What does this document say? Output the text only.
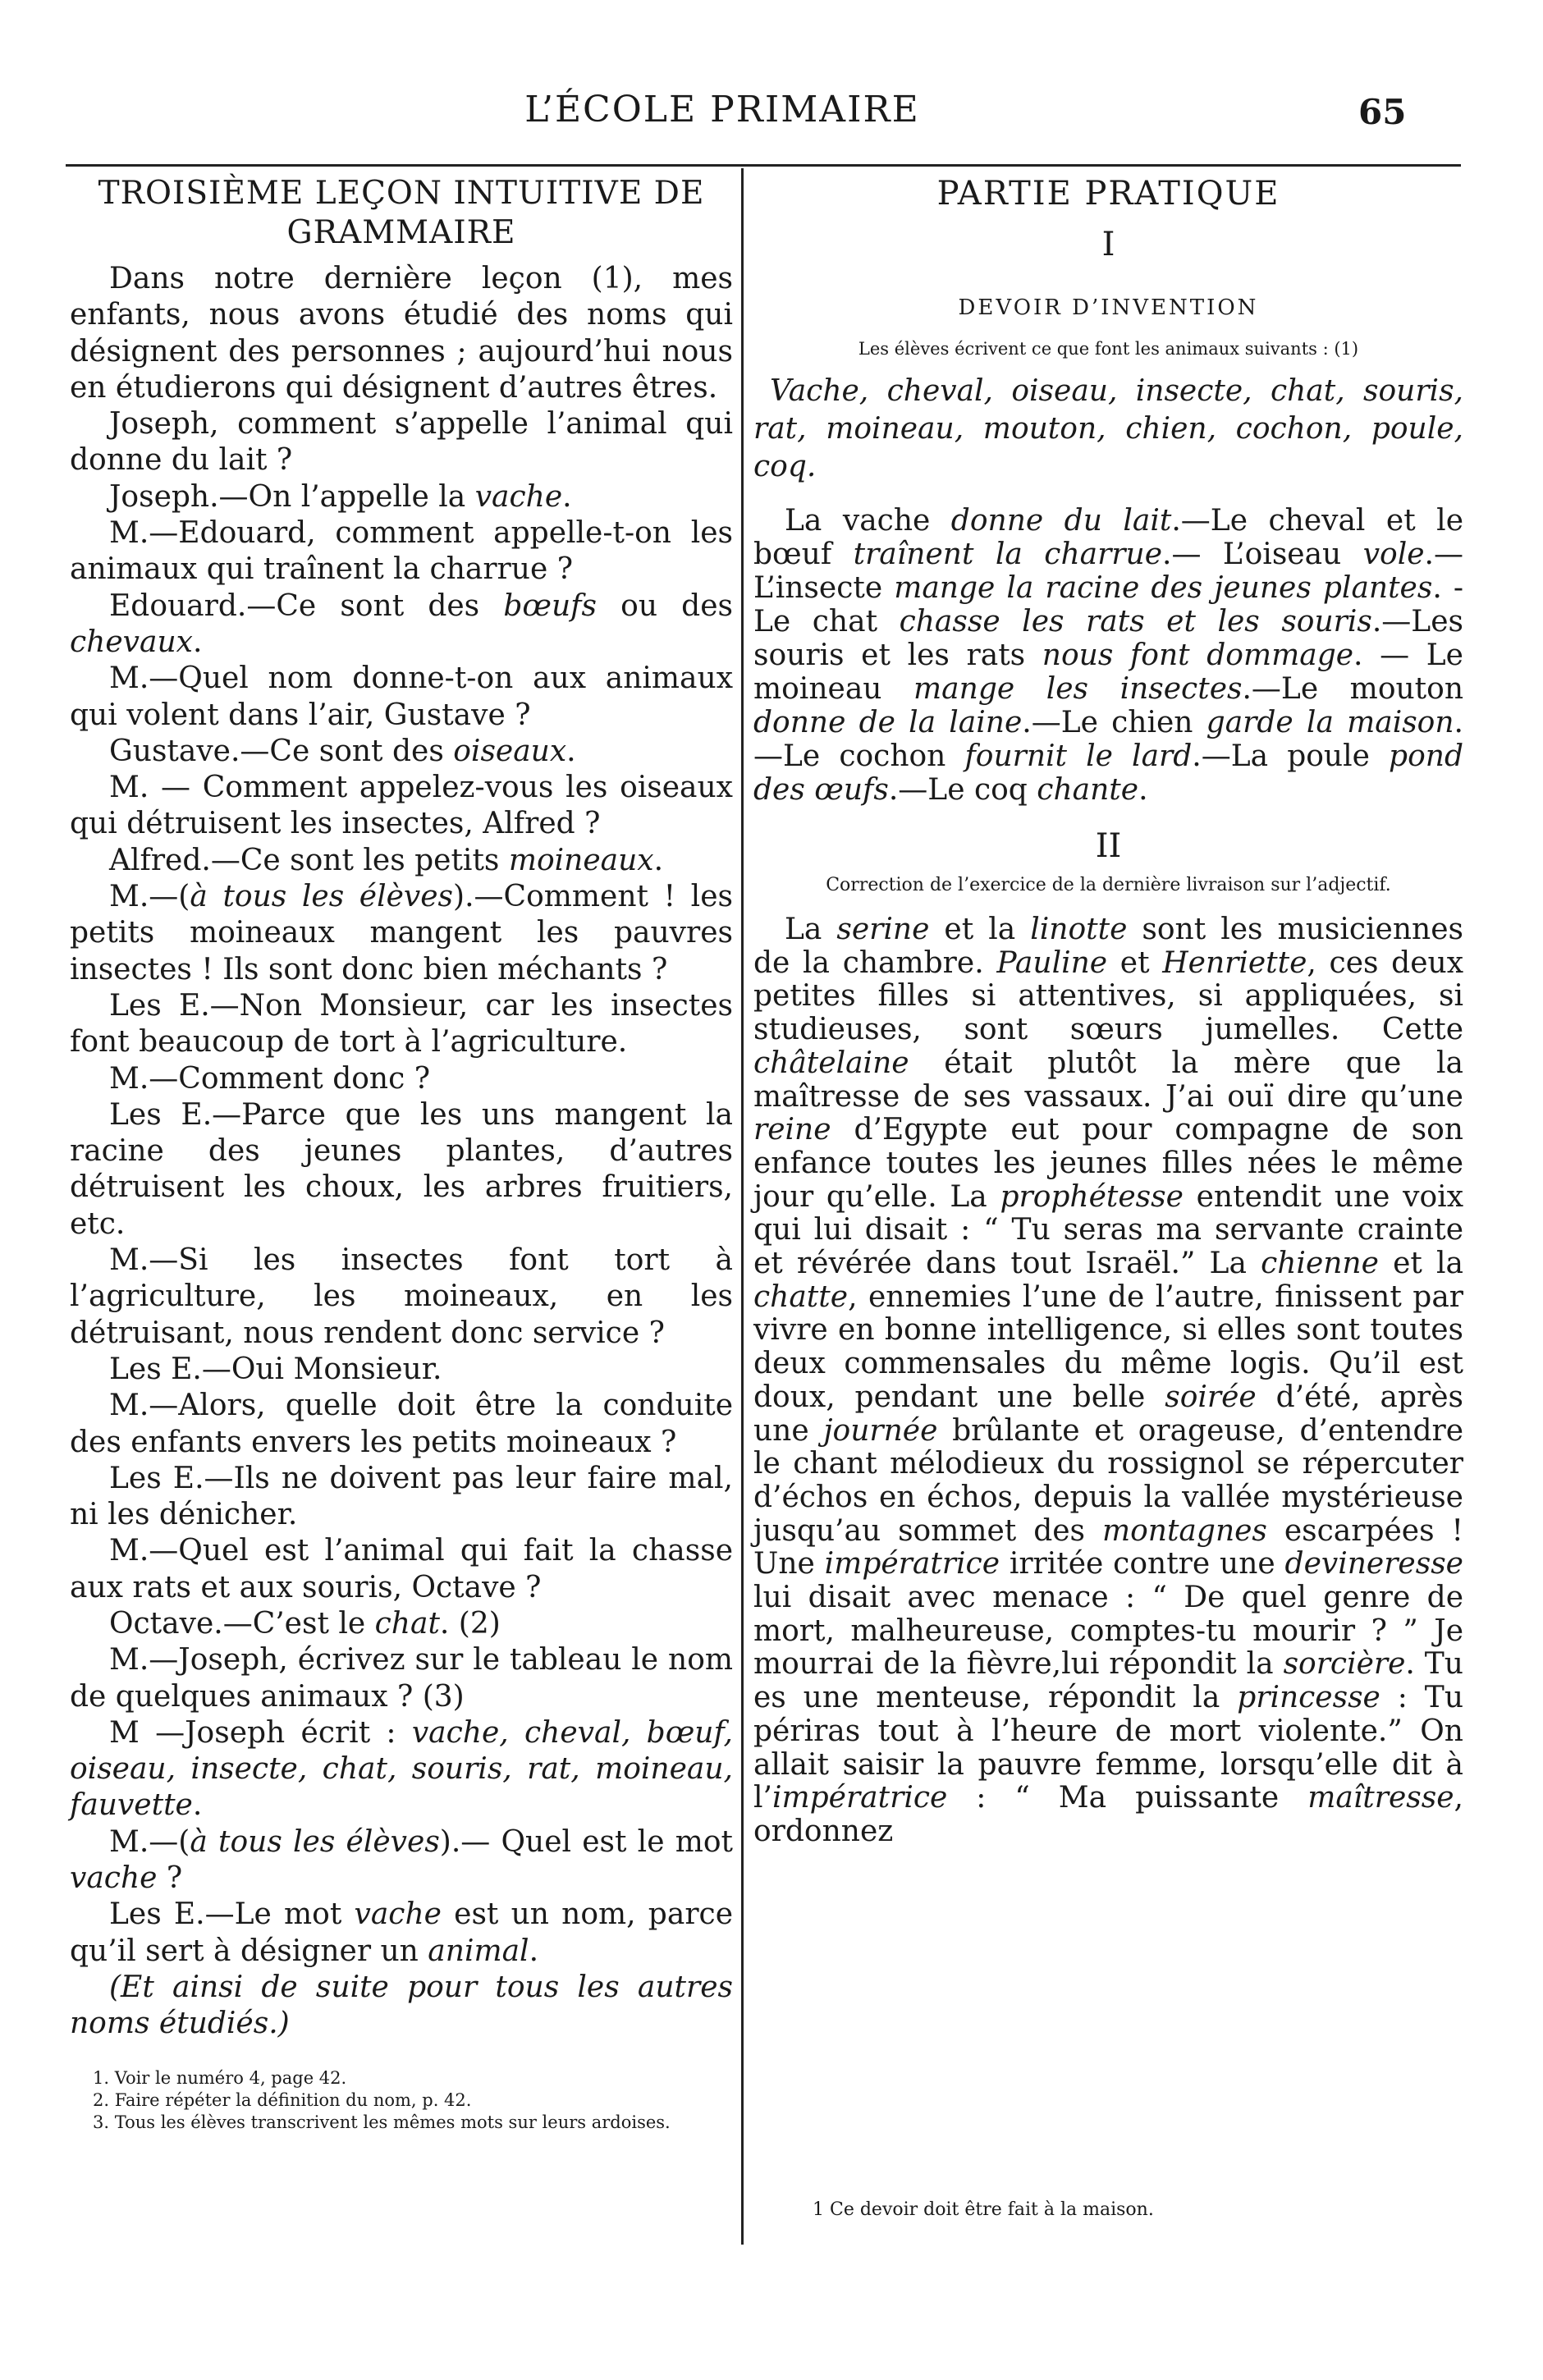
L’ÉCOLE PRIMAIRE	65
TROISIÈME LEÇON INTUITIVE DE
GRAMMAIRE

Dans notre dernière leçon (1), mes enfants, nous avons étudié des noms qui désignent des personnes ; aujourd’hui nous en étudierons qui désignent d’autres êtres.

Joseph, comment s’appelle l’animal qui donne du lait ?

Joseph.—On l’appelle la vache.

M.—Edouard, comment appelle-t-on les animaux qui traînent la charrue ?

Edouard.—Ce sont des bœufs ou des chevaux.

M.—Quel nom donne-t-on aux animaux qui volent dans l’air, Gustave ?

Gustave.—Ce sont des oiseaux.

M. — Comment appelez-vous les oiseaux qui détruisent les insectes, Alfred ?

Alfred.—Ce sont les petits moineaux.

M.—(à tous les élèves).—Comment ! les petits moineaux mangent les pauvres insectes ! Ils sont donc bien méchants ?

Les E.—Non Monsieur, car les insectes font beaucoup de tort à l’agriculture.

M.—Comment donc ?

Les E.—Parce que les uns mangent la racine des jeunes plantes, d’autres détruisent les choux, les arbres fruitiers, etc.

M.—Si les insectes font tort à l’agriculture, les moineaux, en les détruisant, nous rendent donc service ?

Les E.—Oui Monsieur.

M.—Alors, quelle doit être la conduite des enfants envers les petits moineaux ?

Les E.—Ils ne doivent pas leur faire mal, ni les dénicher.

M.—Quel est l’animal qui fait la chasse aux rats et aux souris, Octave ?

Octave.—C’est le chat. (2)

M.—Joseph, écrivez sur le tableau le nom de quelques animaux ? (3)

M —Joseph écrit : vache, cheval, bœuf, oiseau, insecte, chat, souris, rat, moineau, fauvette.

M.—(à tous les élèves).— Quel est le mot vache ?

Les E.—Le mot vache est un nom, parce qu’il sert à désigner un animal.

(Et ainsi de suite pour tous les autres noms étudiés.)

1. Voir le numéro 4, page 42.

2. Faire répéter la définition du nom, p. 42.

3. Tous les élèves transcrivent les mêmes mots sur leurs ardoises.

PARTIE PRATIQUE

I

DEVOIR D’INVENTION

Les élèves écrivent ce que font les animaux suivants : (1)

Vache, cheval, oiseau, insecte, chat, souris, rat, moineau, mouton, chien, cochon, poule, coq.

La vache donne du lait.—Le cheval et le bœuf traînent la charrue.— L’oiseau vole.—L’insecte mange la racine des jeunes plantes. - Le chat chasse les rats et les souris.—Les souris et les rats nous font dommage. — Le moineau mange les insectes.—Le mouton donne de la laine.—Le chien garde la maison.—Le cochon fournit le lard.—La poule pond des œufs.—Le coq chante.

II

Correction de l’exercice de la dernière livraison sur l’adjectif.

La serine et la linotte sont les musiciennes de la chambre. Pauline et Henriette, ces deux petites filles si attentives, si appliquées, si studieuses, sont sœurs jumelles. Cette châtelaine était plutôt la mère que la maîtresse de ses vassaux. J’ai ouï dire qu’une reine d’Egypte eut pour compagne de son enfance toutes les jeunes filles nées le même jour qu’elle. La prophétesse entendit une voix qui lui disait : “ Tu seras ma servante crainte et révérée dans tout Israël.” La chienne et la chatte, ennemies l’une de l’autre, finissent par vivre en bonne intelligence, si elles sont toutes deux commensales du même logis. Qu’il est doux, pendant une belle soirée d’été, après une journée brûlante et orageuse, d’entendre le chant mélodieux du rossignol se répercuter d’échos en échos, depuis la vallée mystérieuse jusqu’au sommet des montagnes escarpées ! Une impératrice irritée contre une devineresse lui disait avec menace : “ De quel genre de mort, malheureuse, comptes-tu mourir ? ” Je mourrai de la fièvre,lui répondit la sorcière. Tu es une menteuse, répondit la princesse : Tu périras tout à l’heure de mort violente.” On allait saisir la pauvre femme, lorsqu’elle dit à l’impératrice : “ Ma puissante maîtresse, ordonnez

1 Ce devoir doit être fait à la maison.
